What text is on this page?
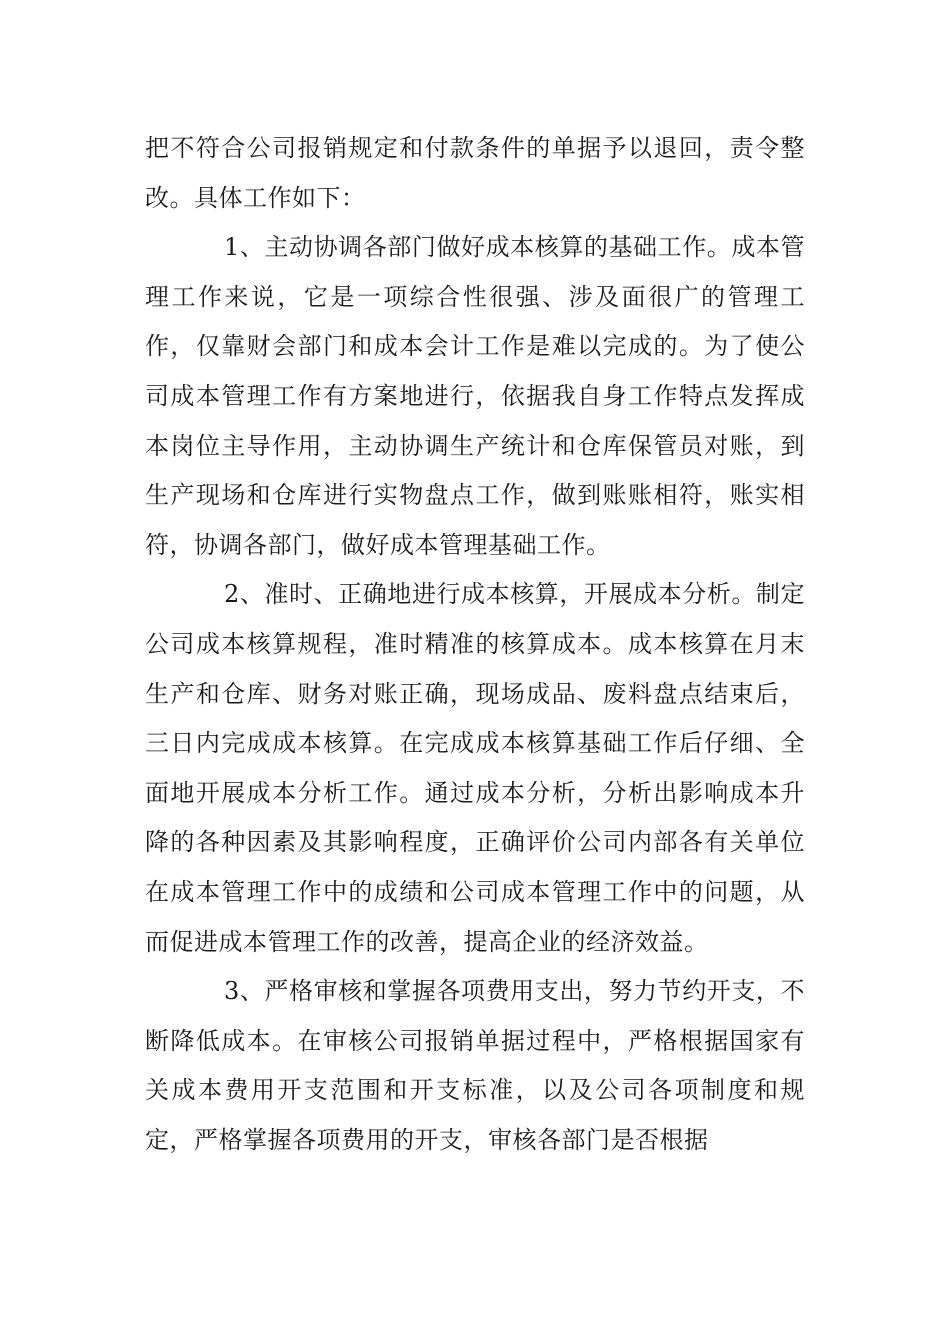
把不符合公司报销规定和付款条件的单据予以退回，责令整改。具体工作如下：

1、主动协调各部门做好成本核算的基础工作。成本管理工作来说，它是一项综合性很强、涉及面很广的管理工作，仅靠财会部门和成本会计工作是难以完成的。为了使公司成本管理工作有方案地进行，依据我自身工作特点发挥成本岗位主导作用，主动协调生产统计和仓库保管员对账，到生产现场和仓库进行实物盘点工作，做到账账相符，账实相符，协调各部门，做好成本管理基础工作。

2、准时、正确地进行成本核算，开展成本分析。制定公司成本核算规程，准时精准的核算成本。成本核算在月末生产和仓库、财务对账正确，现场成品、废料盘点结束后，三日内完成成本核算。在完成成本核算基础工作后仔细、全面地开展成本分析工作。通过成本分析，分析出影响成本升降的各种因素及其影响程度，正确评价公司内部各有关单位在成本管理工作中的成绩和公司成本管理工作中的问题，从而促进成本管理工作的改善，提高企业的经济效益。

3、严格审核和掌握各项费用支出，努力节约开支，不断降低成本。在审核公司报销单据过程中，严格根据国家有关成本费用开支范围和开支标准，以及公司各项制度和规定，严格掌握各项费用的开支，审核各部门是否根据
